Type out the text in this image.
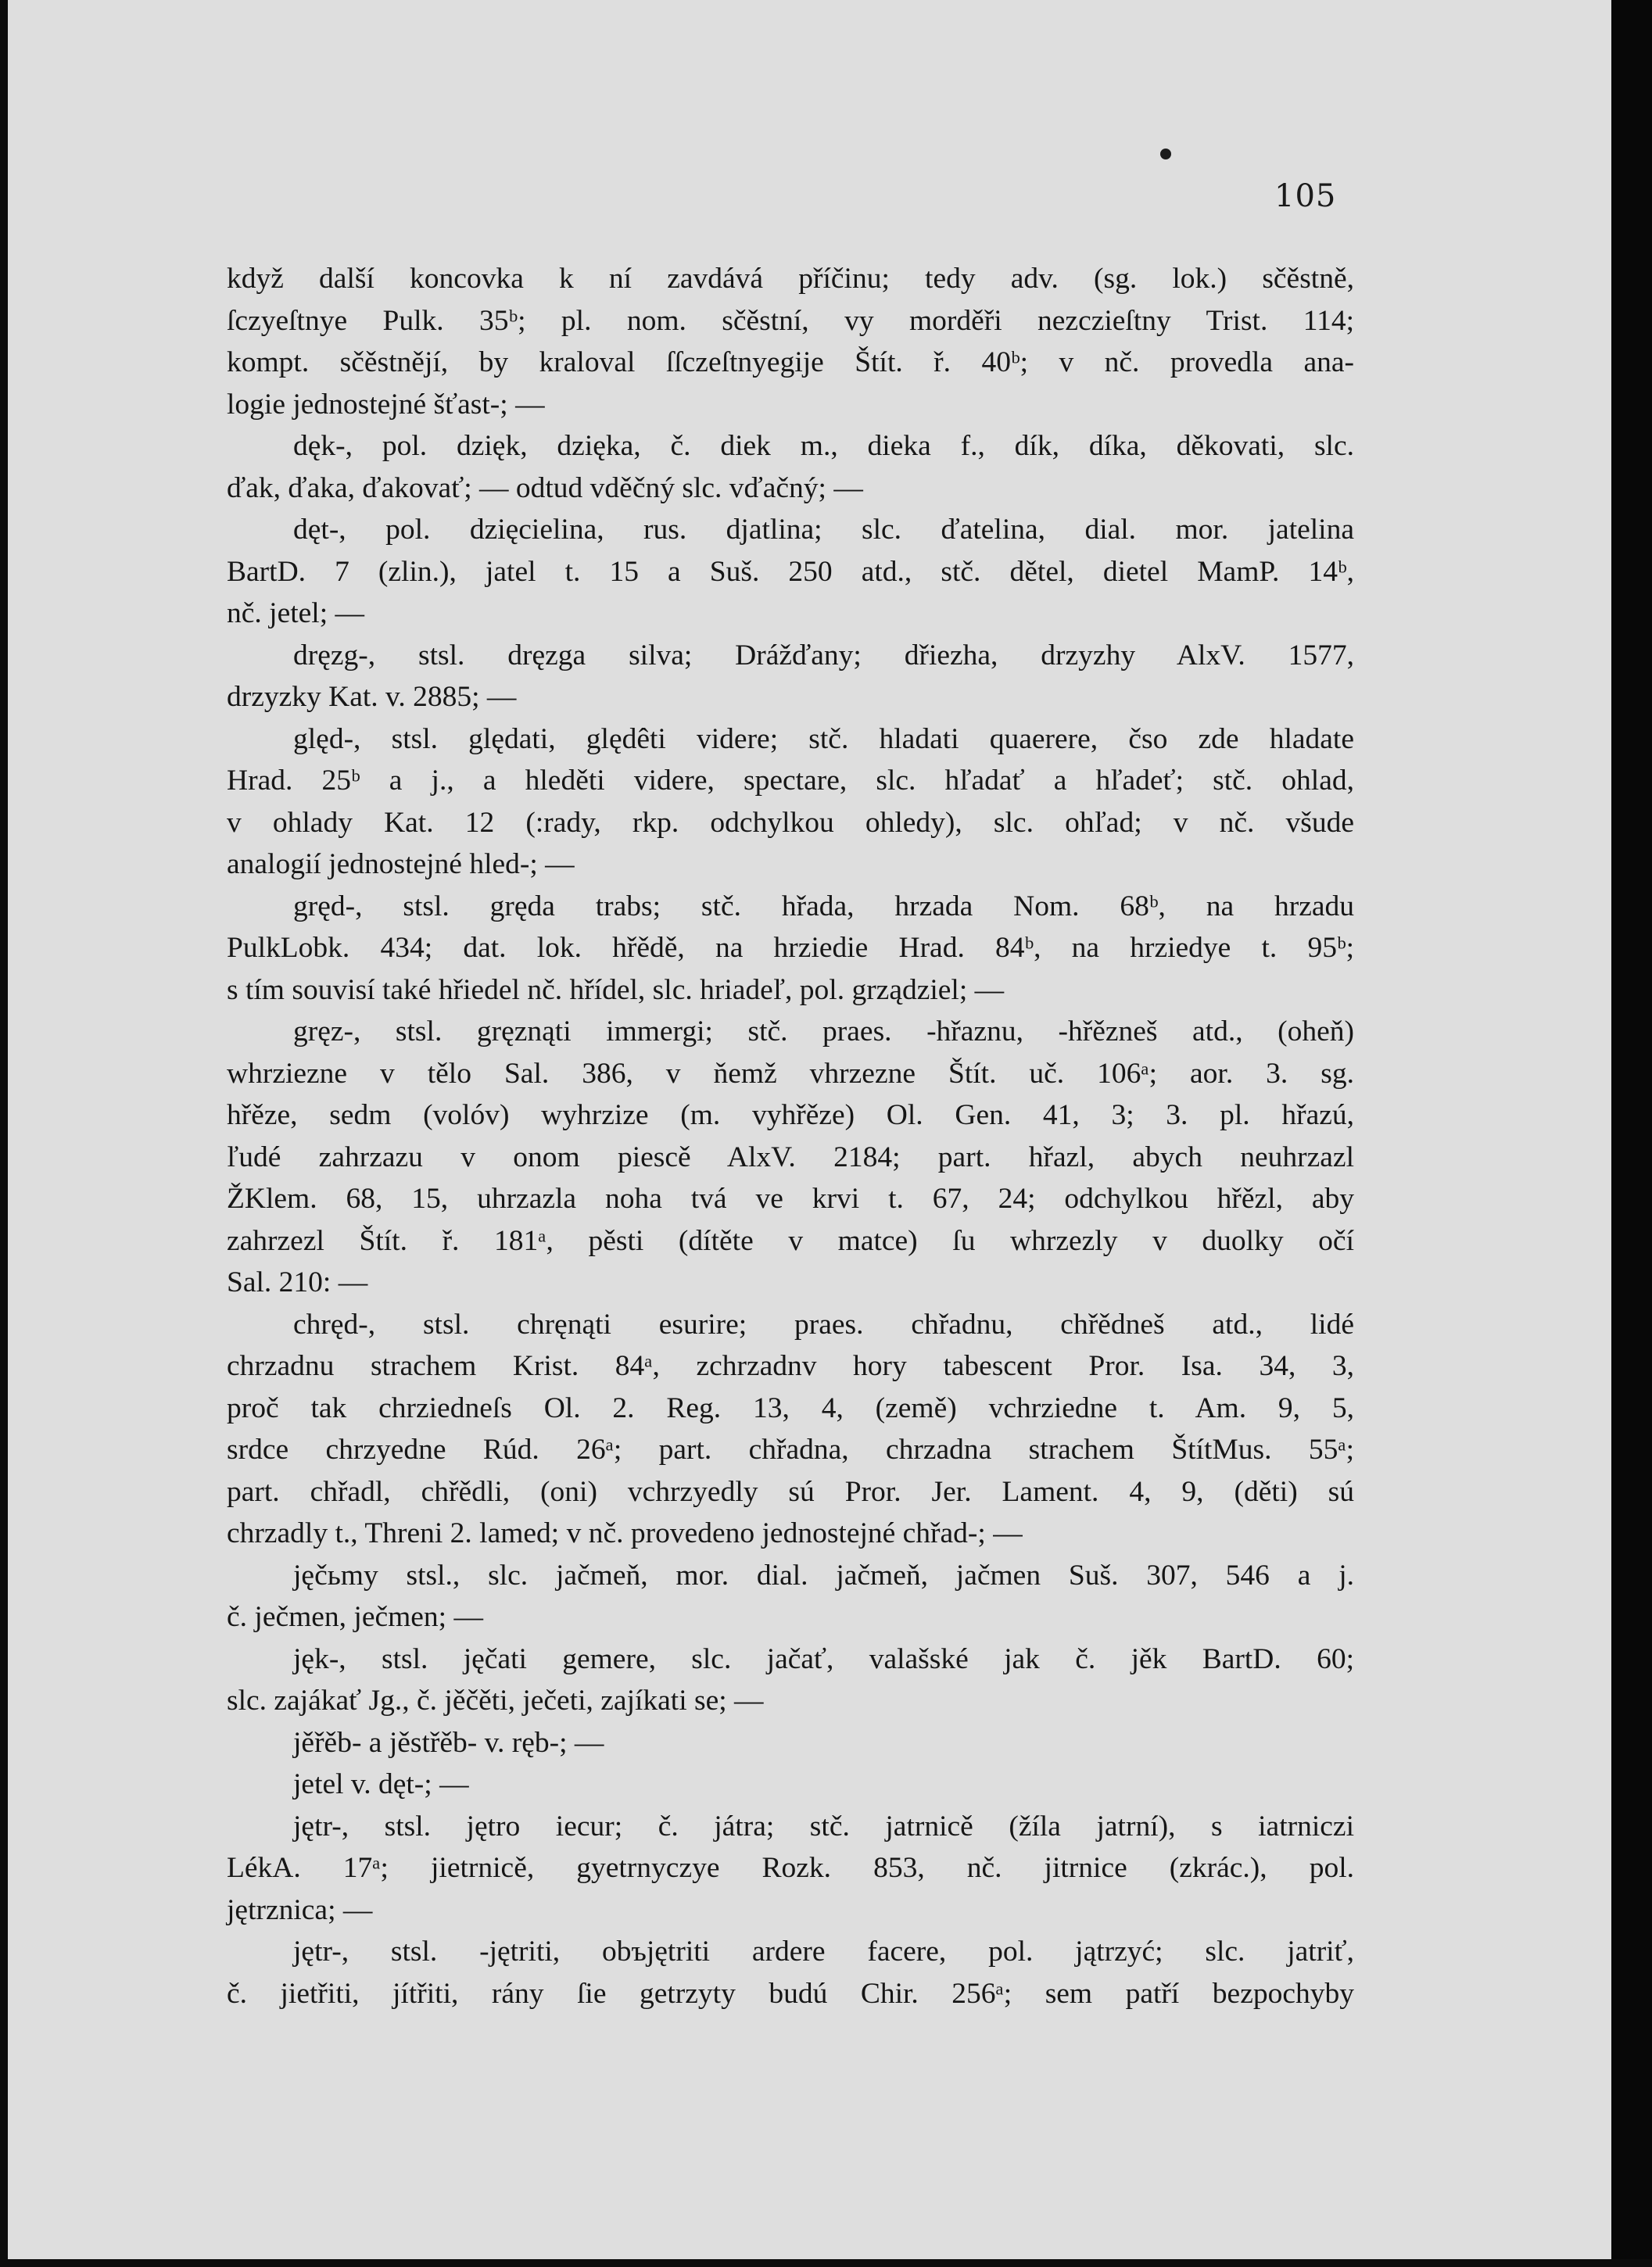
105
když další koncovka k ní zavdává příčinu; tedy adv. (sg. lok.) sčěstně,
ſczyeſtnye Pulk. 35ᵇ; pl. nom. sčěstní, vy morděři nezczieſtny Trist. 114;
kompt. sčěstnějí, by kraloval ſſczeſtnyegije Štít. ř. 40ᵇ; v nč. provedla ana-
logie jednostejné šťast-; —
dęk-, pol. dzięk, dzięka, č. diek m., dieka f., dík, díka, děkovati, slc.
ďak, ďaka, ďakovať; — odtud vděčný slc. vďačný; —
dęt-, pol. dzięcielina, rus. djatlina; slc. ďatelina, dial. mor. jatelina
BartD. 7 (zlin.), jatel t. 15 a Suš. 250 atd., stč. dětel, dietel MamP. 14ᵇ,
nč. jetel; —
dręzg-, stsl. dręzga silva; Drážďany; dřiezha, drzyzhy AlxV. 1577,
drzyzky Kat. v. 2885; —
ględ-, stsl. ględati, ględêti videre; stč. hladati quaerere, čso zde hladate
Hrad. 25ᵇ a j., a hleděti videre, spectare, slc. hľadať a hľadeť; stč. ohlad,
v ohlady Kat. 12 (:rady, rkp. odchylkou ohledy), slc. ohľad; v nč. všude
analogií jednostejné hled-; —
gręd-, stsl. gręda trabs; stč. hřada, hrzada Nom. 68ᵇ, na hrzadu
PulkLobk. 434; dat. lok. hřědě, na hrziedie Hrad. 84ᵇ, na hrziedye t. 95ᵇ;
s tím souvisí také hřiedel nč. hřídel, slc. hriadeľ, pol. grządziel; —
gręz-, stsl. gręznąti immergi; stč. praes. -hřaznu, -hřězneš atd., (oheň)
whrziezne v tělo Sal. 386, v ňemž vhrzezne Štít. uč. 106ᵃ; aor. 3. sg.
hřěze, sedm (volóv) wyhrzize (m. vyhřěze) Ol. Gen. 41, 3; 3. pl. hřazú,
ľudé zahrzazu v onom piescě AlxV. 2184; part. hřazl, abych neuhrzazl
ŽKlem. 68, 15, uhrzazla noha tvá ve krvi t. 67, 24; odchylkou hřězl, aby
zahrzezl Štít. ř. 181ᵃ, pěsti (dítěte v matce) ſu whrzezly v duolky očí
Sal. 210: —
chręd-, stsl. chręnąti esurire; praes. chřadnu, chřědneš atd., lidé
chrzadnu strachem Krist. 84ᵃ, zchrzadnv hory tabescent Pror. Isa. 34, 3,
proč tak chrziedneſs Ol. 2. Reg. 13, 4, (země) vchrziedne t. Am. 9, 5,
srdce chrzyedne Rúd. 26ᵃ; part. chřadna, chrzadna strachem ŠtítMus. 55ᵃ;
part. chřadl, chřědli, (oni) vchrzyedly sú Pror. Jer. Lament. 4, 9, (děti) sú
chrzadly t., Threni 2. lamed; v nč. provedeno jednostejné chřad-; —
jęčьmy stsl., slc. jačmeň, mor. dial. jačmeň, jačmen Suš. 307, 546 a j.
č. ječmen, ječmen; —
jęk-, stsl. jęčati gemere, slc. jačať, valašské jak č. jěk BartD. 60;
slc. zajákať Jg., č. jěčěti, ječeti, zajíkati se; —
jěřěb- a jěstřěb- v. ręb-; —
jetel v. dęt-; —
jętr-, stsl. jętro iecur; č. játra; stč. jatrnicě (žíla jatrní), s iatrniczi
LékA. 17ᵃ; jietrnicě, gyetrnyczye Rozk. 853, nč. jitrnice (zkrác.), pol.
jętrznica; —
jętr-, stsl. -jętriti, obъjętriti ardere facere, pol. jątrzyć; slc. jatriť,
č. jietřiti, jítřiti, rány ſie getrzyty budú Chir. 256ᵃ; sem patří bezpochyby
